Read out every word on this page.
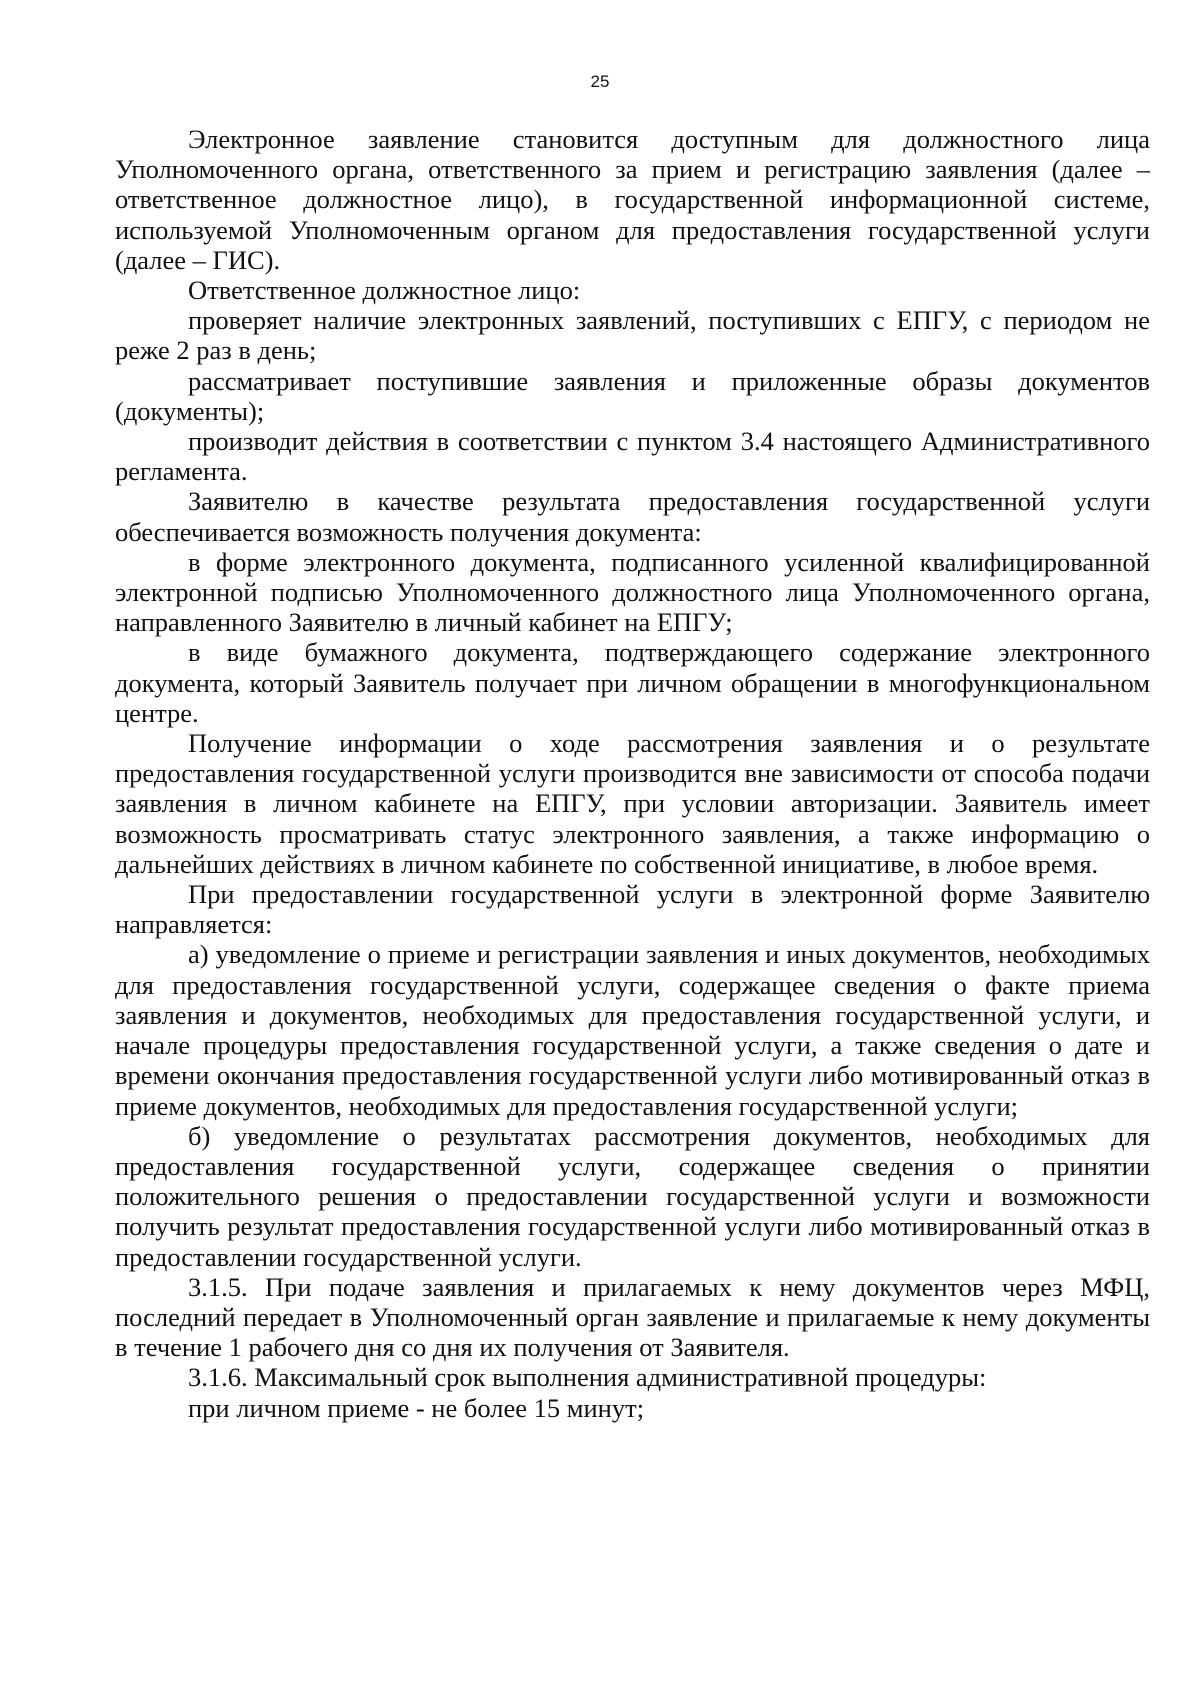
25

Электронное заявление становится доступным для должностного лица Уполномоченного органа, ответственного за прием и регистрацию заявления (далее – ответственное должностное лицо), в государственной информационной системе, используемой Уполномоченным органом для предоставления государственной услуги (далее – ГИС).

Ответственное должностное лицо:

проверяет наличие электронных заявлений, поступивших с ЕПГУ, с периодом не реже 2 раз в день;

рассматривает поступившие заявления и приложенные образы документов (документы);

производит действия в соответствии с пунктом 3.4 настоящего Административного регламента.

Заявителю в качестве результата предоставления государственной услуги обеспечивается возможность получения документа:

в форме электронного документа, подписанного усиленной квалифицированной электронной подписью Уполномоченного должностного лица Уполномоченного органа, направленного Заявителю в личный кабинет на ЕПГУ;

в виде бумажного документа, подтверждающего содержание электронного документа, который Заявитель получает при личном обращении в многофункциональном центре.

Получение информации о ходе рассмотрения заявления и о результате предоставления государственной услуги производится вне зависимости от способа подачи заявления в личном кабинете на ЕПГУ, при условии авторизации. Заявитель имеет возможность просматривать статус электронного заявления, а также информацию о дальнейших действиях в личном кабинете по собственной инициативе, в любое время.

При предоставлении государственной услуги в электронной форме Заявителю направляется:

а) уведомление о приеме и регистрации заявления и иных документов, необходимых для предоставления государственной услуги, содержащее сведения о факте приема заявления и документов, необходимых для предоставления государственной услуги, и начале процедуры предоставления государственной услуги, а также сведения о дате и времени окончания предоставления государственной услуги либо мотивированный отказ в приеме документов, необходимых для предоставления государственной услуги;

б) уведомление о результатах рассмотрения документов, необходимых для предоставления государственной услуги, содержащее сведения о принятии положительного решения о предоставлении государственной услуги и возможности получить результат предоставления государственной услуги либо мотивированный отказ в предоставлении государственной услуги.

3.1.5. При подаче заявления и прилагаемых к нему документов через МФЦ, последний передает в Уполномоченный орган заявление и прилагаемые к нему документы в течение 1 рабочего дня со дня их получения от Заявителя.

3.1.6. Максимальный срок выполнения административной процедуры:

при личном приеме - не более 15 минут;
